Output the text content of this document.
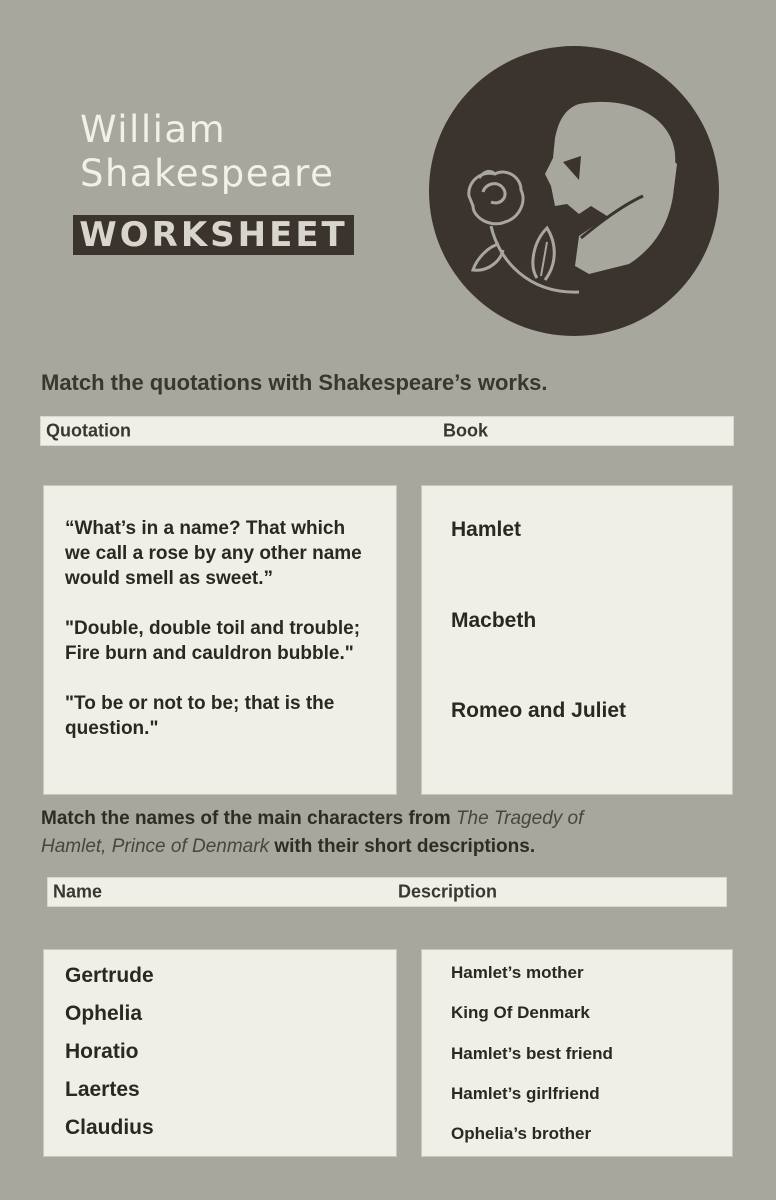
William
Shakespeare
WORKSHEET
Match the quotations with Shakespeare’s works.
Quotation	Book
“What’s in a name? That which we call a rose by any other name would smell as sweet.”
"Double, double toil and trouble; Fire burn and cauldron bubble."
"To be or not to be; that is the question."
Hamlet
Macbeth
Romeo and Juliet
Match the names of the main characters from The Tragedy of Hamlet, Prince of Denmark with their short descriptions.
Name	Description
Gertrude
Ophelia
Horatio
Laertes
Claudius
Hamlet’s mother
King Of Denmark
Hamlet’s best friend
Hamlet’s girlfriend
Ophelia’s brother
